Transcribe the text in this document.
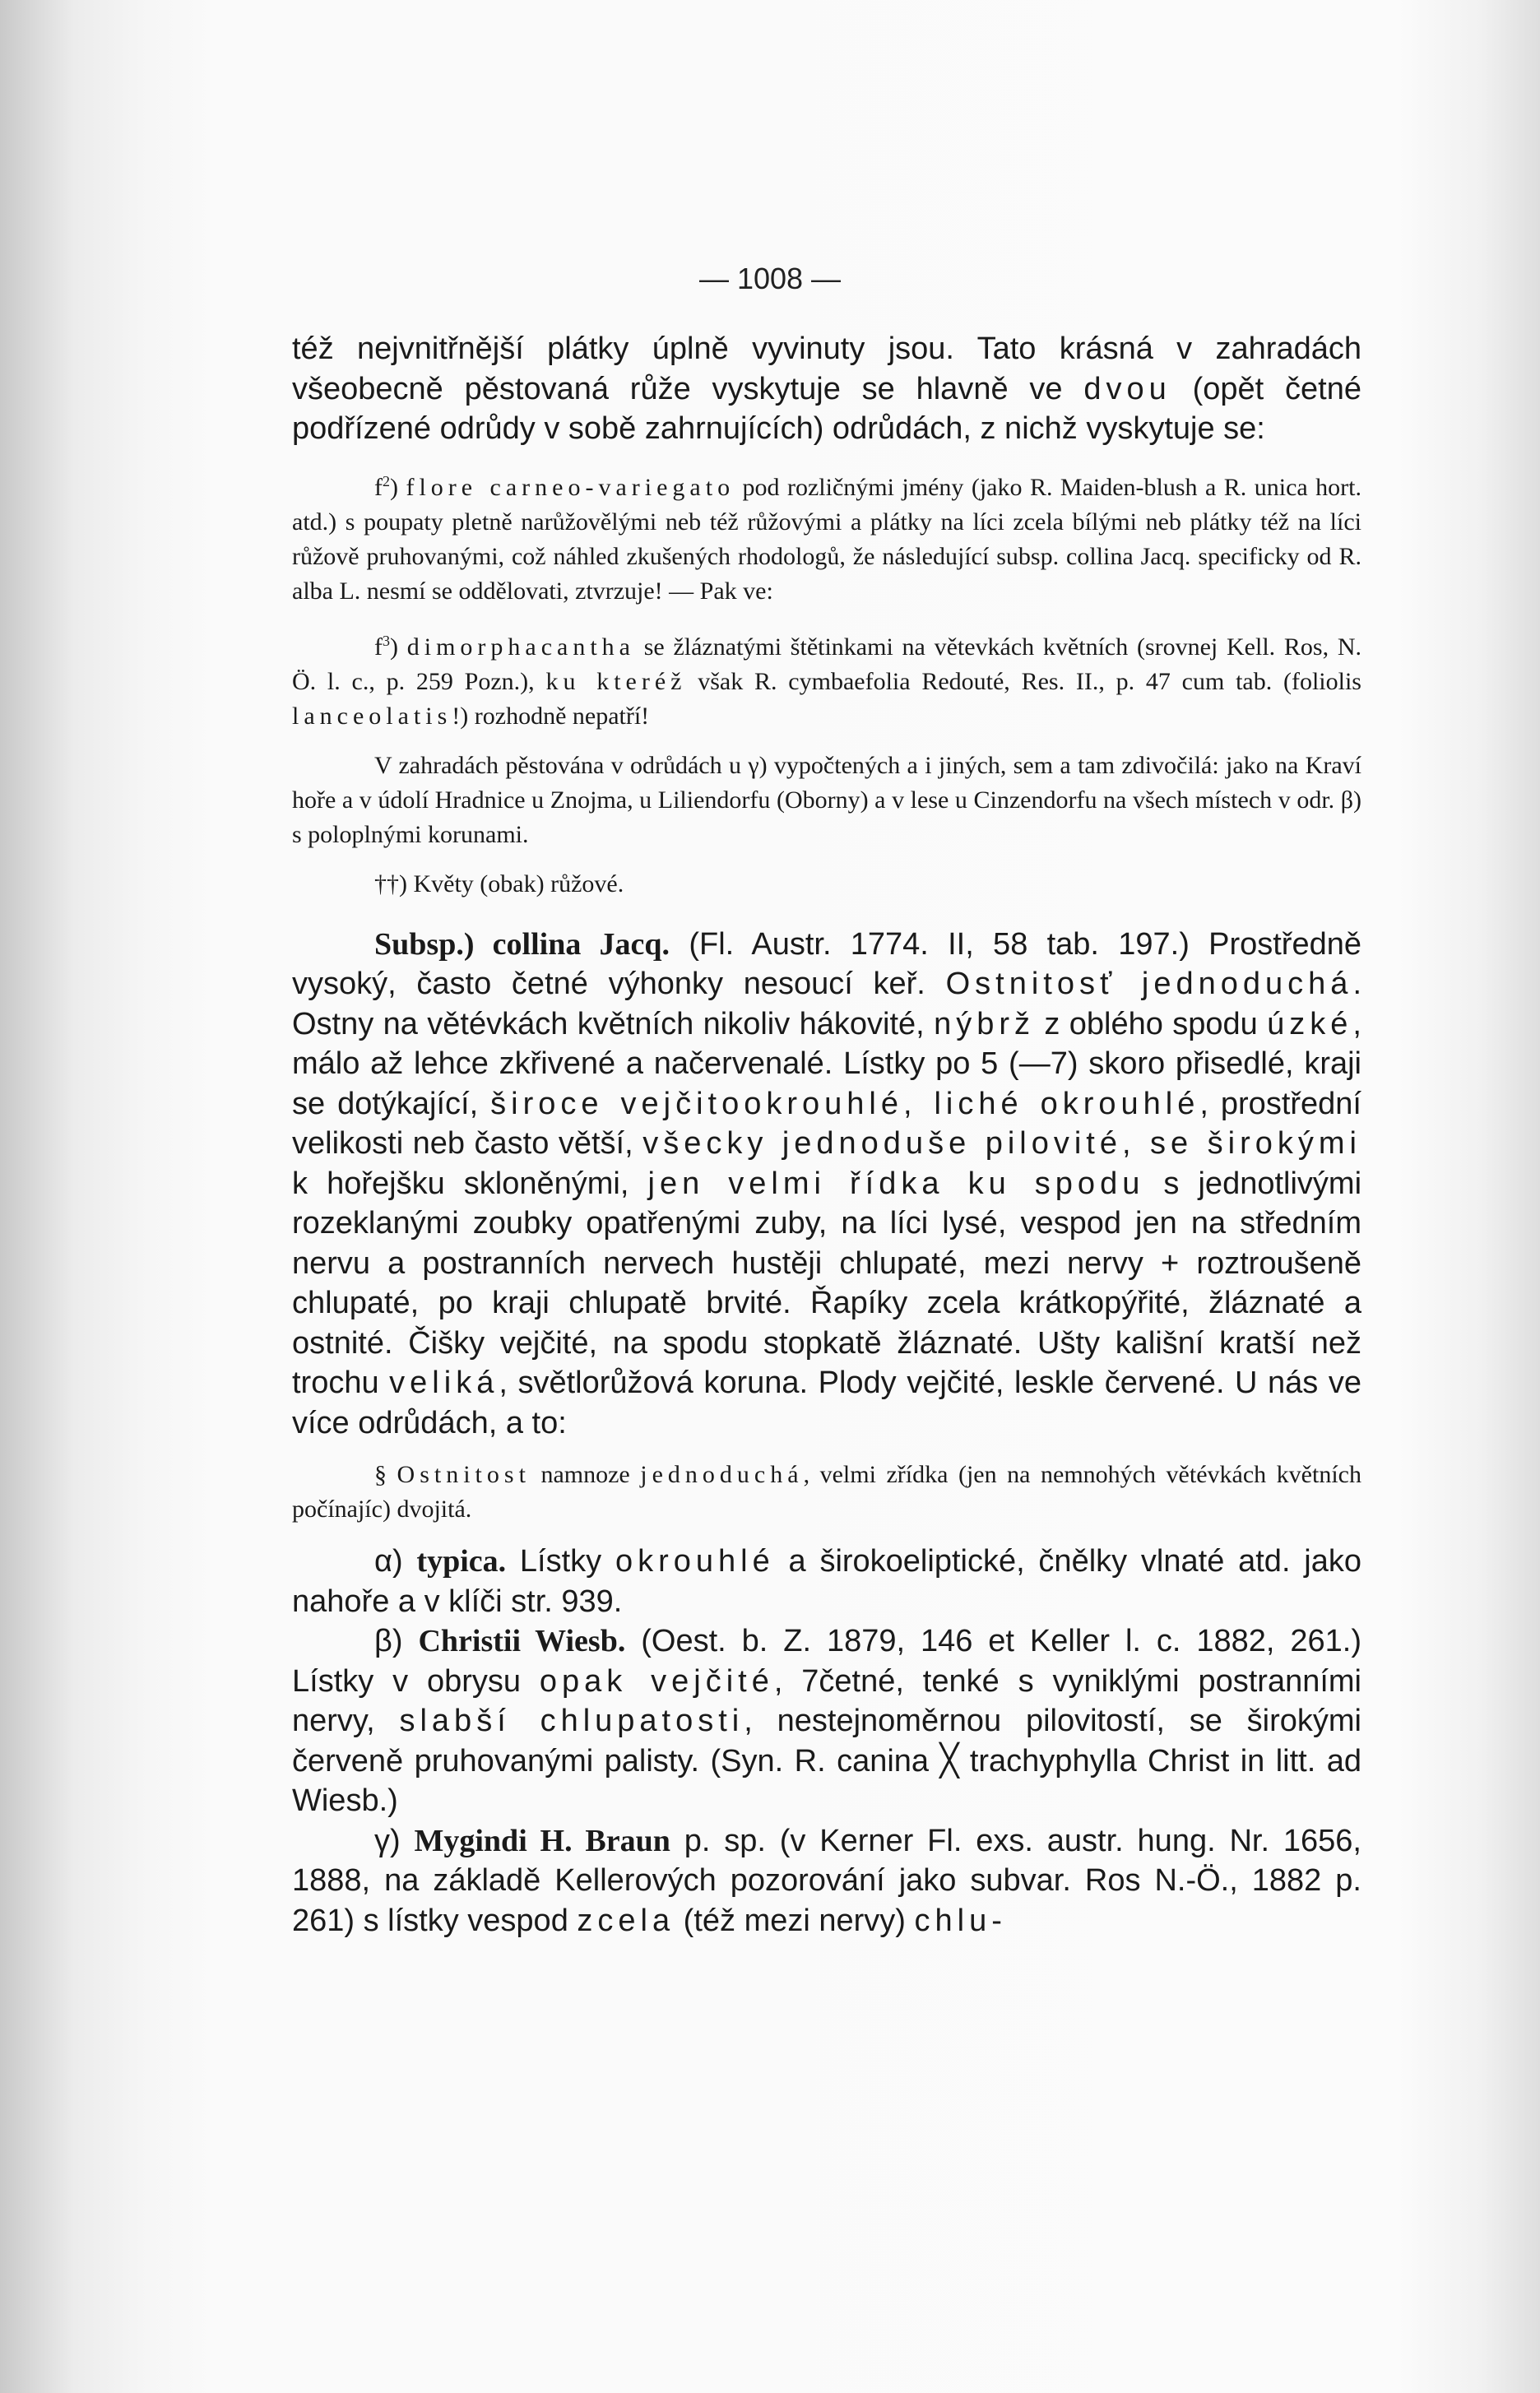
— 1008 —

též nejvnitřnější plátky úplně vyvinuty jsou. Tato krásná v zahradách všeobecně pěstovaná růže vyskytuje se hlavně ve dvou (opět četné podřízené odrůdy v sobě zahrnujících) odrůdách, z nichž vyskytuje se:

$f^2$) flore carneo-variegato pod rozličnými jmény (jako R. Maiden-blush a R. unica hort. atd.) s poupaty pletně narůžovělými neb též růžovými a plátky na líci zcela bílými neb plátky též na líci růžově pruhovanými, což náhled zkušených rhodologů, že následující subsp. collina Jacq. specificky od R. alba L. nesmí se oddělovati, ztvrzuje! — Pak ve:

$f^3$) dimorphacantha se žláznatými štětinkami na větevkách květních (srovnej Kell. Ros, N. Ö. l. c., p. 259 Pozn.), ku kteréž však R. cymbaefolia Redouté, Res. II., p. 47 cum tab. (foliolis lanceolatis!) rozhodně nepatří!

V zahradách pěstována v odrůdách u γ) vypočtených a i jiných, sem a tam zdivočilá: jako na Kraví hoře a v údolí Hradnice u Znojma, u Liliendorfu (Oborny) a v lese u Cinzendorfu na všech místech v odr. β) s poloplnými korunami.

††) Květy (obak) růžové.

Subsp.) collina Jacq. (Fl. Austr. 1774. II, 58 tab. 197.) Prostředně vysoký, často četné výhonky nesoucí keř. Ostnitosť jednoduchá. Ostny na větévkách květních nikoliv hákovité, nýbrž z oblého spodu úzké, málo až lehce zkřivené a načervenalé. Lístky po 5 (—7) skoro přisedlé, kraji se dotýkající, široce vejčitookrouhlé, liché okrouhlé, prostřední velikosti neb často větší, všecky jednoduše pilovité, se širokými k hořejšku skloněnými, jen velmi řídka ku spodu s jednotlivými rozeklanými zoubky opatřenými zuby, na líci lysé, vespod jen na středním nervu a postranních nervech hustěji chlupaté, mezi nervy + roztroušeně chlupaté, po kraji chlupatě brvité. Řapíky zcela krátkopýřité, žláznaté a ostnité. Čišky vejčité, na spodu stopkatě žláznaté. Ušty kališní kratší než trochu veliká, světlorůžová koruna. Plody vejčité, leskle červené. U nás ve více odrůdách, a to:

§ Ostnitost namnoze jednoduchá, velmi zřídka (jen na nemnohých větévkách květních počínajíc) dvojitá.

α) typica. Lístky okrouhlé a širokoeliptické, čnělky vlnaté atd. jako nahoře a v klíči str. 939.

β) Christii Wiesb. (Oest. b. Z. 1879, 146 et Keller l. c. 1882, 261.) Lístky v obrysu opak vejčité, 7četné, tenké s vyniklými postranními nervy, slabší chlupatosti, nestejnoměrnou pilovitostí, se širokými červeně pruhovanými palisty. (Syn. R. canina ╳ trachyphylla Christ in litt. ad Wiesb.)

γ) Mygindi H. Braun p. sp. (v Kerner Fl. exs. austr. hung. Nr. 1656, 1888, na základě Kellerových pozorování jako subvar. Ros N.-Ö., 1882 p. 261) s lístky vespod zcela (též mezi nervy) chlu-
